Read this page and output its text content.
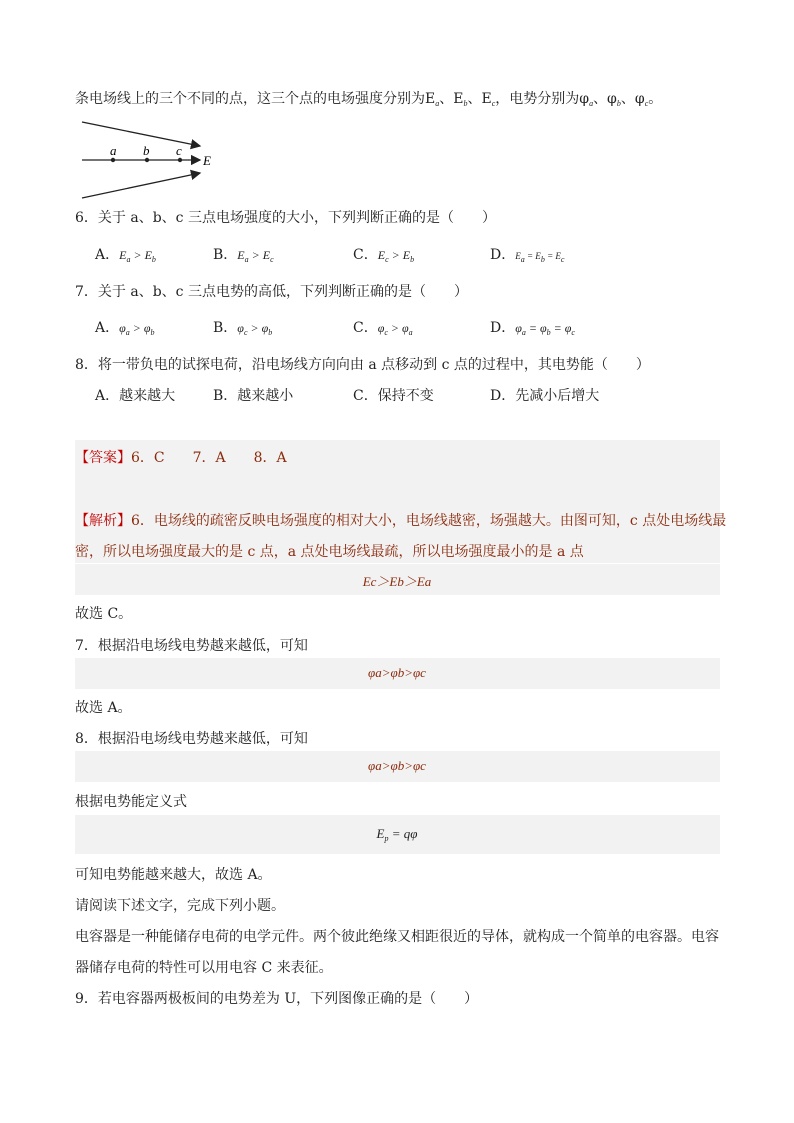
条电场线上的三个不同的点，这三个点的电场强度分别为$E_a$、$E_b$、$E_c$，电势分别为$\varphi_a$、$\varphi_b$、$\varphi_c$。
a b c
E
6．关于 a、b、c 三点电场强度的大小，下列判断正确的是（　　）
A．$E_a > E_b$	B．$E_a > E_c$	C．$E_c > E_b$	D．Ea = Eb = Ec
7．关于 a、b、c 三点电势的高低，下列判断正确的是（　　）
A．$\varphi_a > \varphi_b$	B．$\varphi_c > \varphi_b$	C．$\varphi_c > \varphi_a$	D．$\varphi_a = \varphi_b = \varphi_c$
8．将一带负电的试探电荷，沿电场线方向向由 a 点移动到 c 点的过程中，其电势能（　　）
A．越来越大	B．越来越小	C．保持不变	D．先减小后增大
【答案】6．C　　7．A　　8．A
【解析】6．电场线的疏密反映电场强度的相对大小，电场线越密，场强越大。由图可知，c 点处电场线最
密，所以电场强度最大的是 c 点，a 点处电场线最疏，所以电场强度最小的是 a 点
Ec＞Eb＞Ea
故选 C。
7．根据沿电场线电势越来越低，可知
φa>φb>φc
故选 A。
8．根据沿电场线电势越来越低，可知
φa>φb>φc
根据电势能定义式
$E_p = q\varphi$
可知电势能越来越大，故选 A。
请阅读下述文字，完成下列小题。
电容器是一种能储存电荷的电学元件。两个彼此绝缘又相距很近的导体，就构成一个简单的电容器。电容
器储存电荷的特性可以用电容 C 来表征。
9．若电容器两极板间的电势差为 U，下列图像正确的是（　　）
